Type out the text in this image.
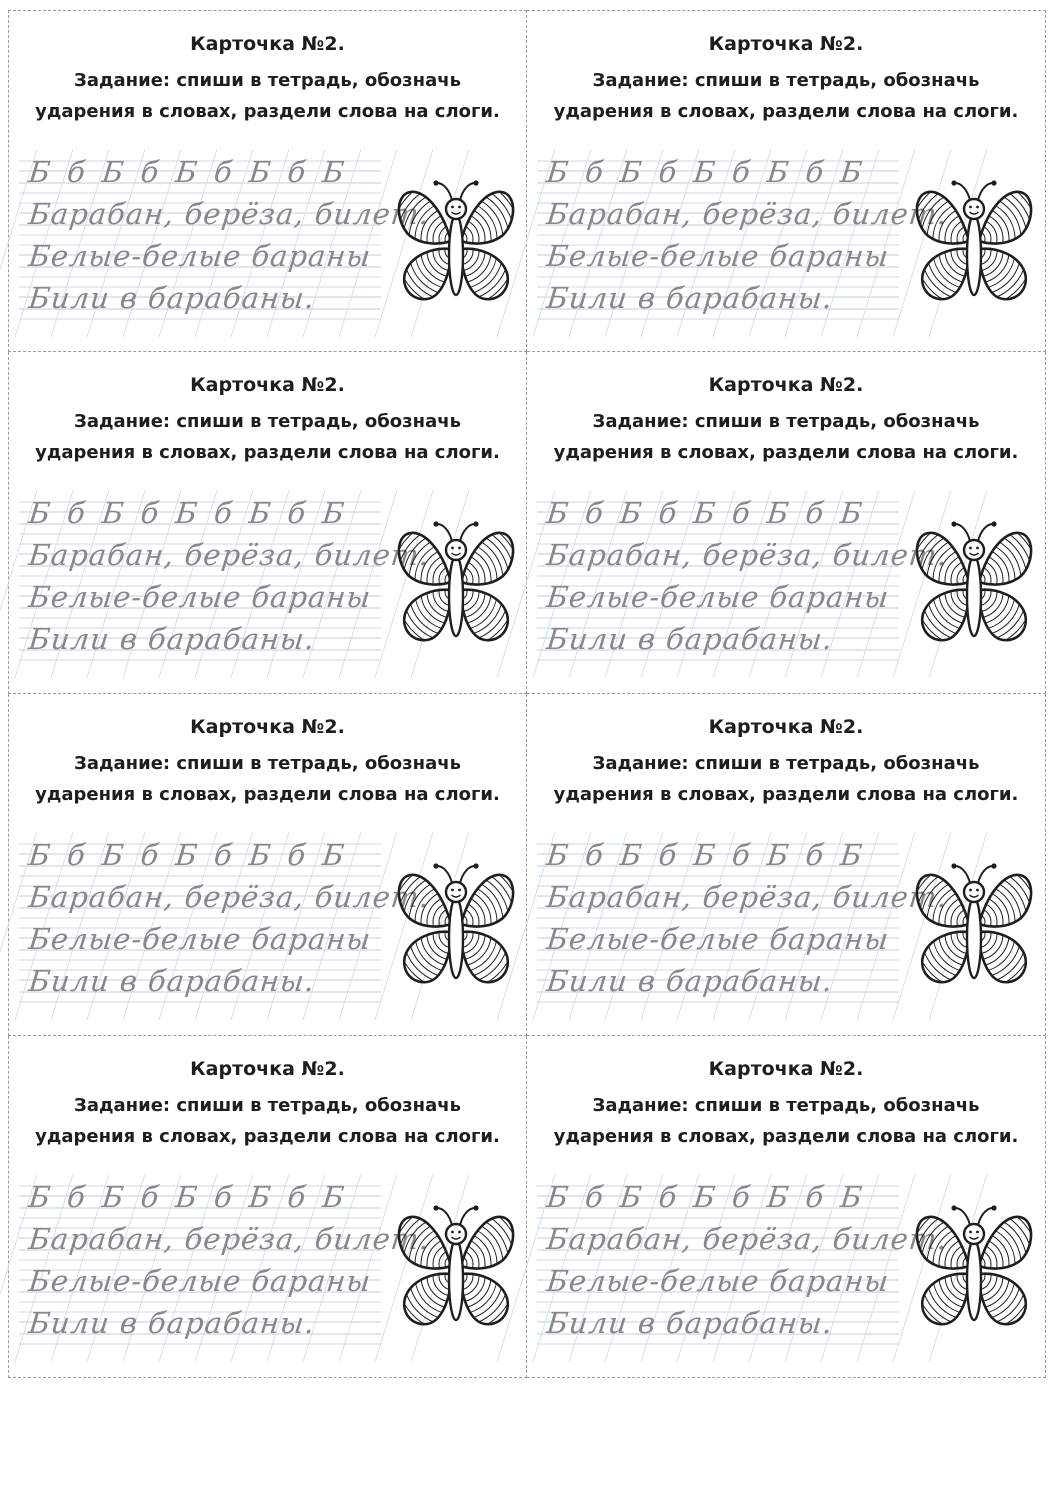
Карточка №2.

Задание: спиши в тетрадь, обозначь
ударения в словах, раздели слова на слоги.

Б б Б б Б б Б б Б

Барабан, берёза, билет.

Белые-белые бараны

Били в барабаны.

Карточка №2.

Задание: спиши в тетрадь, обозначь
ударения в словах, раздели слова на слоги.

Б б Б б Б б Б б Б

Барабан, берёза, билет.

Белые-белые бараны

Били в барабаны.

Карточка №2.

Задание: спиши в тетрадь, обозначь
ударения в словах, раздели слова на слоги.

Б б Б б Б б Б б Б

Барабан, берёза, билет.

Белые-белые бараны

Били в барабаны.

Карточка №2.

Задание: спиши в тетрадь, обозначь
ударения в словах, раздели слова на слоги.

Б б Б б Б б Б б Б

Барабан, берёза, билет.

Белые-белые бараны

Били в барабаны.

Карточка №2.

Задание: спиши в тетрадь, обозначь
ударения в словах, раздели слова на слоги.

Б б Б б Б б Б б Б

Барабан, берёза, билет.

Белые-белые бараны

Били в барабаны.

Карточка №2.

Задание: спиши в тетрадь, обозначь
ударения в словах, раздели слова на слоги.

Б б Б б Б б Б б Б

Барабан, берёза, билет.

Белые-белые бараны

Били в барабаны.

Карточка №2.

Задание: спиши в тетрадь, обозначь
ударения в словах, раздели слова на слоги.

Б б Б б Б б Б б Б

Барабан, берёза, билет.

Белые-белые бараны

Били в барабаны.

Карточка №2.

Задание: спиши в тетрадь, обозначь
ударения в словах, раздели слова на слоги.

Б б Б б Б б Б б Б

Барабан, берёза, билет.

Белые-белые бараны

Били в барабаны.
